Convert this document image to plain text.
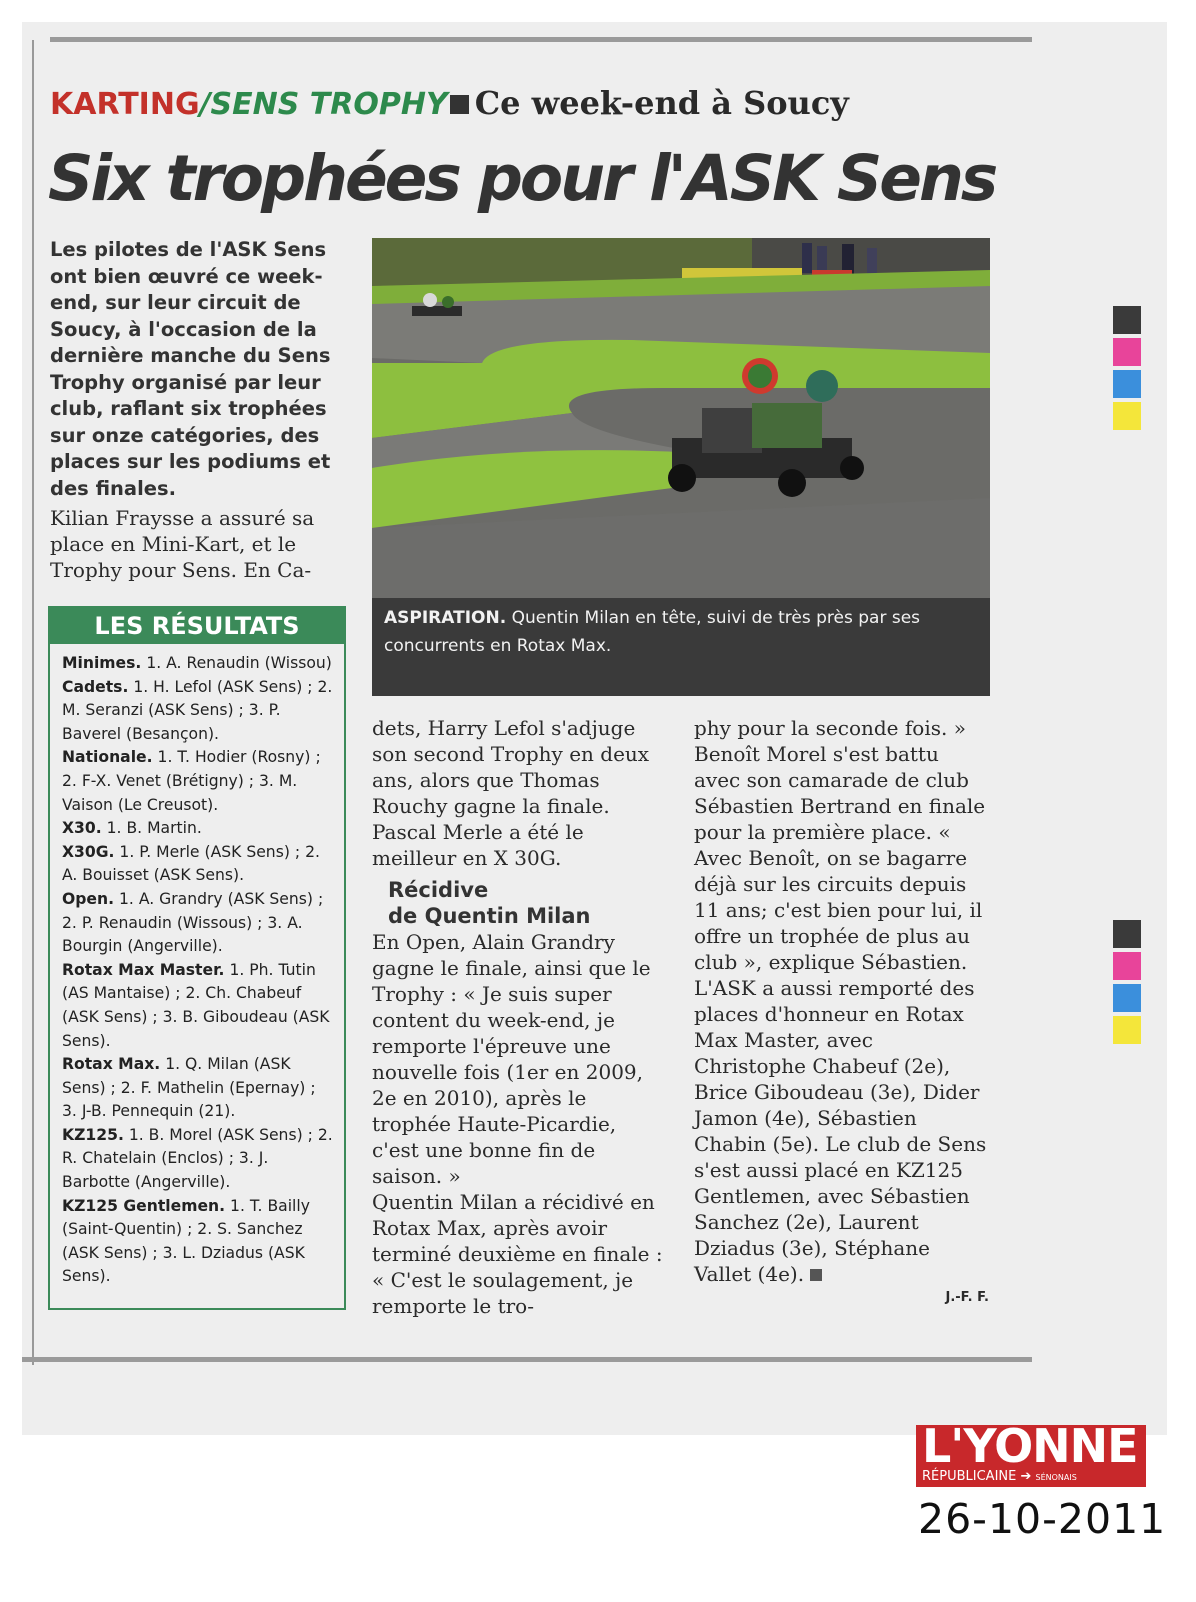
KARTING/SENS TROPHY Ce week-end à Soucy
Six trophées pour l'ASK Sens

Les pilotes de l'ASK Sens ont bien œuvré ce week-end, sur leur circuit de Soucy, à l'occasion de la dernière manche du Sens Trophy organisé par leur club, raflant six trophées sur onze catégories, des places sur les podiums et des finales.

Kilian Fraysse a assuré sa place en Mini-Kart, et le Trophy pour Sens. En Ca-

ASPIRATION. Quentin Milan en tête, suivi de très près par ses concurrents en Rotax Max.
LES RÉSULTATS

Minimes. 1. A. Renaudin (Wissou)

Cadets. 1. H. Lefol (ASK Sens) ; 2. M. Seranzi (ASK Sens) ; 3. P. Baverel (Besançon).

Nationale. 1. T. Hodier (Rosny) ; 2. F-X. Venet (Brétigny) ; 3. M. Vaison (Le Creusot).

X30. 1. B. Martin.

X30G. 1. P. Merle (ASK Sens) ; 2. A. Bouisset (ASK Sens).

Open. 1. A. Grandry (ASK Sens) ; 2. P. Renaudin (Wissous) ; 3. A. Bourgin (Angerville).

Rotax Max Master. 1. Ph. Tutin (AS Mantaise) ; 2. Ch. Chabeuf (ASK Sens) ; 3. B. Giboudeau (ASK Sens).

Rotax Max. 1. Q. Milan (ASK Sens) ; 2. F. Mathelin (Epernay) ; 3. J-B. Pennequin (21).

KZ125. 1. B. Morel (ASK Sens) ; 2. R. Chatelain (Enclos) ; 3. J. Barbotte (Angerville).

KZ125 Gentlemen. 1. T. Bailly (Saint-Quentin) ; 2. S. Sanchez (ASK Sens) ; 3. L. Dziadus (ASK Sens).

dets, Harry Lefol s'adjuge son second Trophy en deux ans, alors que Thomas Rouchy gagne la finale. Pascal Merle a été le meilleur en X 30G.

Récidive
de Quentin Milan

En Open, Alain Grandry gagne le finale, ainsi que le Trophy : « Je suis super content du week-end, je remporte l'épreuve une nouvelle fois (1er en 2009, 2e en 2010), après le trophée Haute-Picardie, c'est une bonne fin de saison. »

Quentin Milan a récidivé en Rotax Max, après avoir terminé deuxième en finale : « C'est le soulagement, je remporte le tro-

phy pour la seconde fois. »

Benoît Morel s'est battu avec son camarade de club Sébastien Bertrand en finale pour la première place. « Avec Benoît, on se bagarre déjà sur les circuits depuis 11 ans; c'est bien pour lui, il offre un trophée de plus au club », explique Sébastien. L'ASK a aussi remporté des places d'honneur en Rotax Max Master, avec Christophe Chabeuf (2e), Brice Giboudeau (3e), Dider Jamon (4e), Sébastien Chabin (5e). Le club de Sens s'est aussi placé en KZ125 Gentlemen, avec Sébastien Sanchez (2e), Laurent Dziadus (3e), Stéphane Vallet (4e).

J.-F. F.
L'YONNE
RÉPUBLICAINE ➔ SÉNONAIS
26-10-2011
